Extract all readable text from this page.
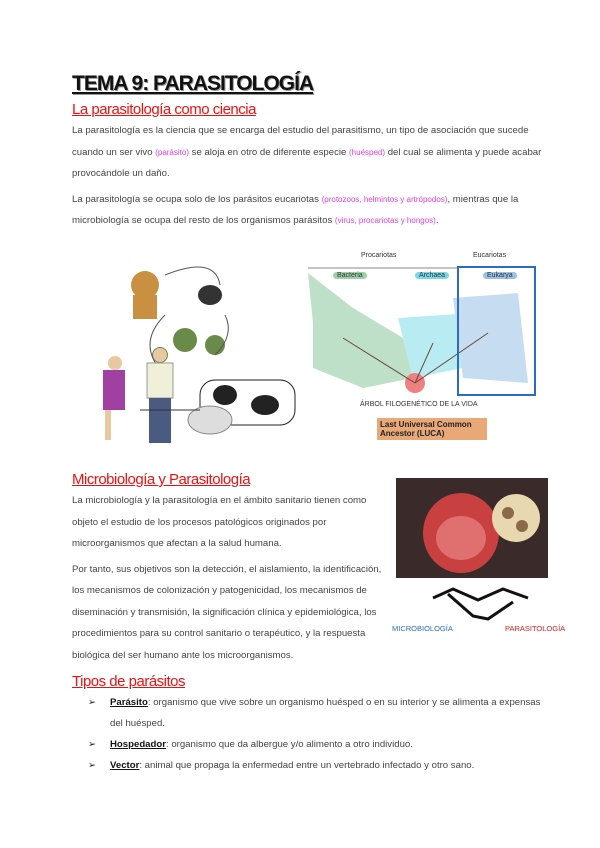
TEMA 9: PARASITOLOGÍA
La parasitología como ciencia

La parasitología es la ciencia que se encarga del estudio del parasitismo, un tipo de asociación que sucede cuando un ser vivo (parásito) se aloja en otro de diferente especie (huésped) del cual se alimenta y puede acabar provocándole un daño.

La parasitología se ocupa solo de los parásitos eucariotas (protozoos, helmintos y artrópodos), mientras que la microbiología se ocupa del resto de los organismos parásitos (virus, procariotas y hongos).

Procariotas	Eucariotas
Bacteria	Archaea	Eukarya
ÁRBOL FILOGENÉTICO DE LA VIDA
Last Universal Common Ancestor (LUCA)
Microbiología y Parasitología

La microbiología y la parasitología en el ámbito sanitario tienen como objeto el estudio de los procesos patológicos originados por microorganismos que afectan a la salud humana.

Por tanto, sus objetivos son la detección, el aislamiento, la identificación, los mecanismos de colonización y patogenicidad, los mecanismos de diseminación y transmisión, la significación clínica y epidemiológica, los procedimientos para su control sanitario o terapéutico, y la respuesta biológica del ser humano ante los microorganismos.

Tipos de parásitos
➢ Parásito: organismo que vive sobre un organismo huésped o en su interior y se alimenta a expensas del huésped.
➢ Hospedador: organismo que da albergue y/o alimento a otro individuo.
➢ Vector: animal que propaga la enfermedad entre un vertebrado infectado y otro sano.
MICROBIOLOGÍA	PARASITOLOGÍA
